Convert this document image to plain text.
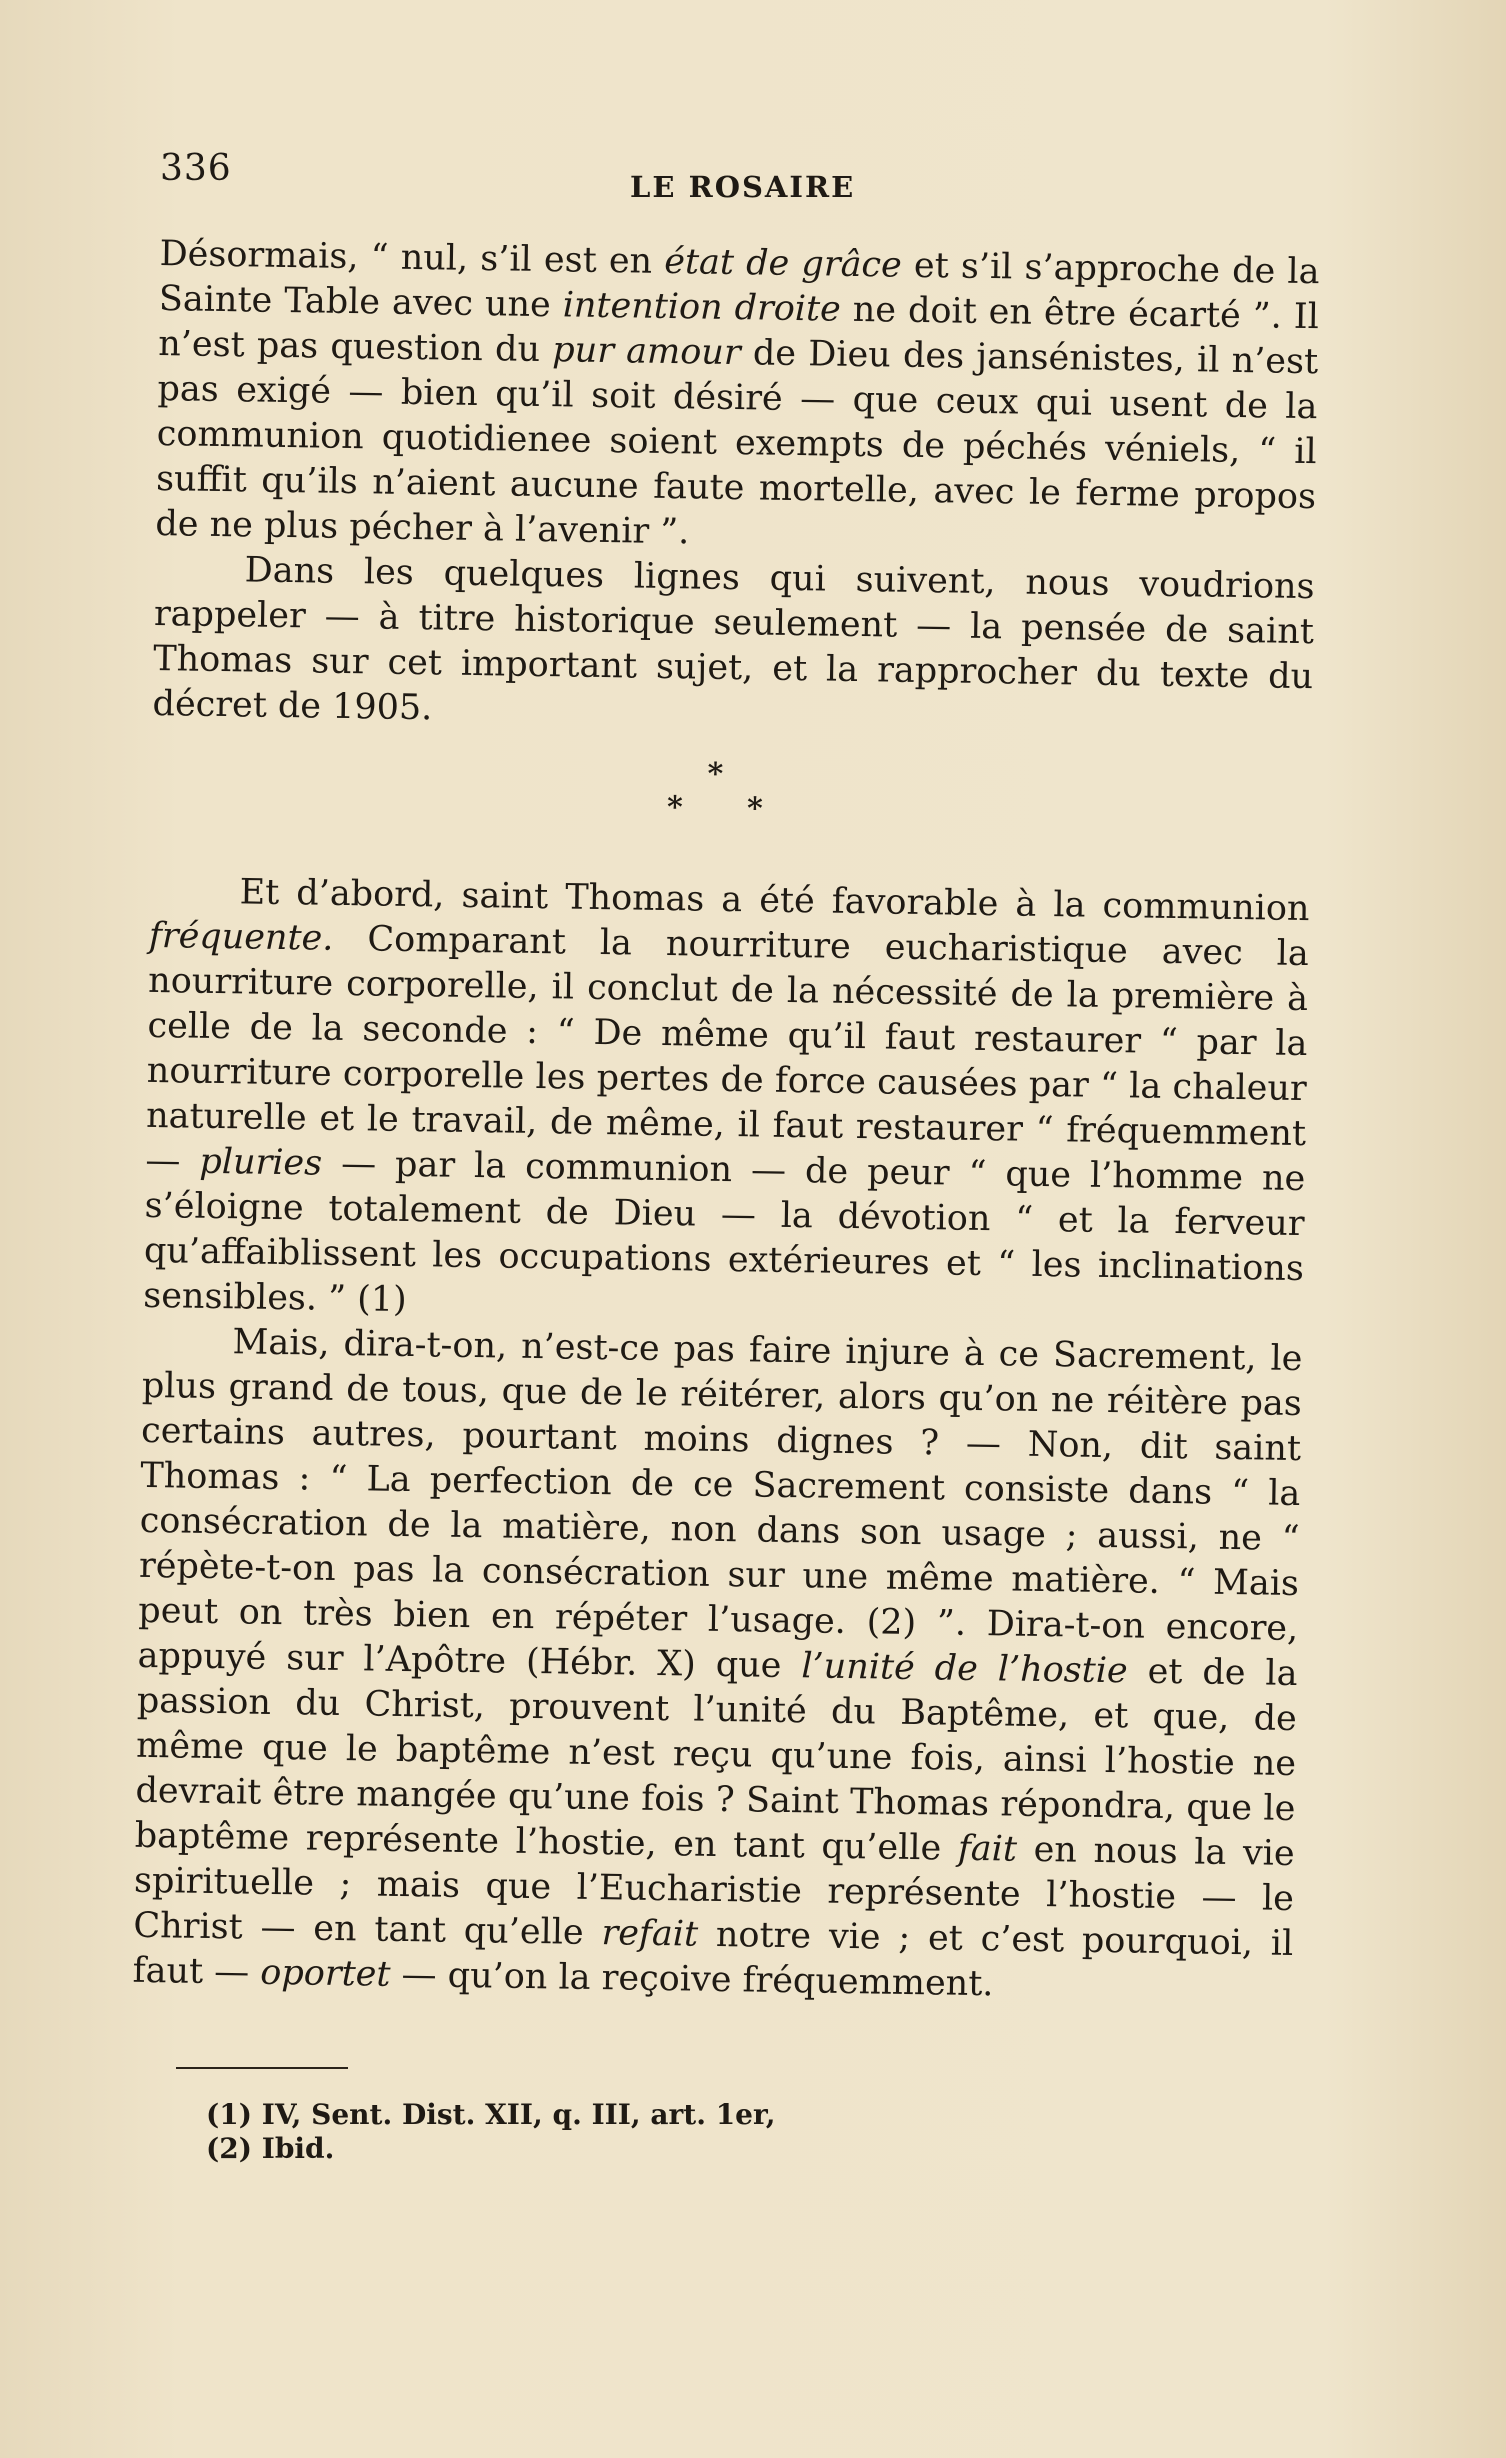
336	LE ROSAIRE

Désormais, “ nul, s’il est en état de grâce et s’il s’approche de la Sainte Table avec une intention droite ne doit en être écarté ”. Il n’est pas question du pur amour de Dieu des jansénistes, il n’est pas exigé — bien qu’il soit désiré — que ceux qui usent de la communion quotidienee soient exempts de péchés véniels, “ il suffit qu’ils n’aient aucune faute mortelle, avec le ferme propos de ne plus pécher à l’avenir ”.

Dans les quelques lignes qui suivent, nous voudrions rappeler — à titre historique seulement — la pensée de saint Thomas sur cet important sujet, et la rapprocher du texte du décret de 1905.

*
* *

Et d’abord, saint Thomas a été favorable à la communion fréquente. Comparant la nourriture eucharistique avec la nourriture corporelle, il conclut de la nécessité de la première à celle de la seconde : “ De même qu’il faut restaurer “ par la nourriture corporelle les pertes de force causées par “ la chaleur naturelle et le travail, de même, il faut restaurer “ fréquemment — pluries — par la communion — de peur “ que l’homme ne s’éloigne totalement de Dieu — la dévotion “ et la ferveur qu’affaiblissent les occupations extérieures et “ les inclinations sensibles. ” (1)

Mais, dira-t-on, n’est-ce pas faire injure à ce Sacrement, le plus grand de tous, que de le réitérer, alors qu’on ne réitère pas certains autres, pourtant moins dignes ? — Non, dit saint Thomas : “ La perfection de ce Sacrement consiste dans “ la consécration de la matière, non dans son usage ; aussi, ne “ répète-t-on pas la consécration sur une même matière. “ Mais peut on très bien en répéter l’usage. (2) ”. Dira-t-on encore, appuyé sur l’Apôtre (Hébr. X) que l’unité de l’hostie et de la passion du Christ, prouvent l’unité du Baptême, et que, de même que le baptême n’est reçu qu’une fois, ainsi l’hostie ne devrait être mangée qu’une fois ? Saint Thomas répondra, que le baptême représente l’hostie, en tant qu’elle fait en nous la vie spirituelle ; mais que l’Eucharistie représente l’hostie — le Christ — en tant qu’elle refait notre vie ; et c’est pourquoi, il faut — oportet — qu’on la reçoive fréquemment.

(1) IV, Sent. Dist. XII, q. III, art. 1er,
(2) Ibid.
